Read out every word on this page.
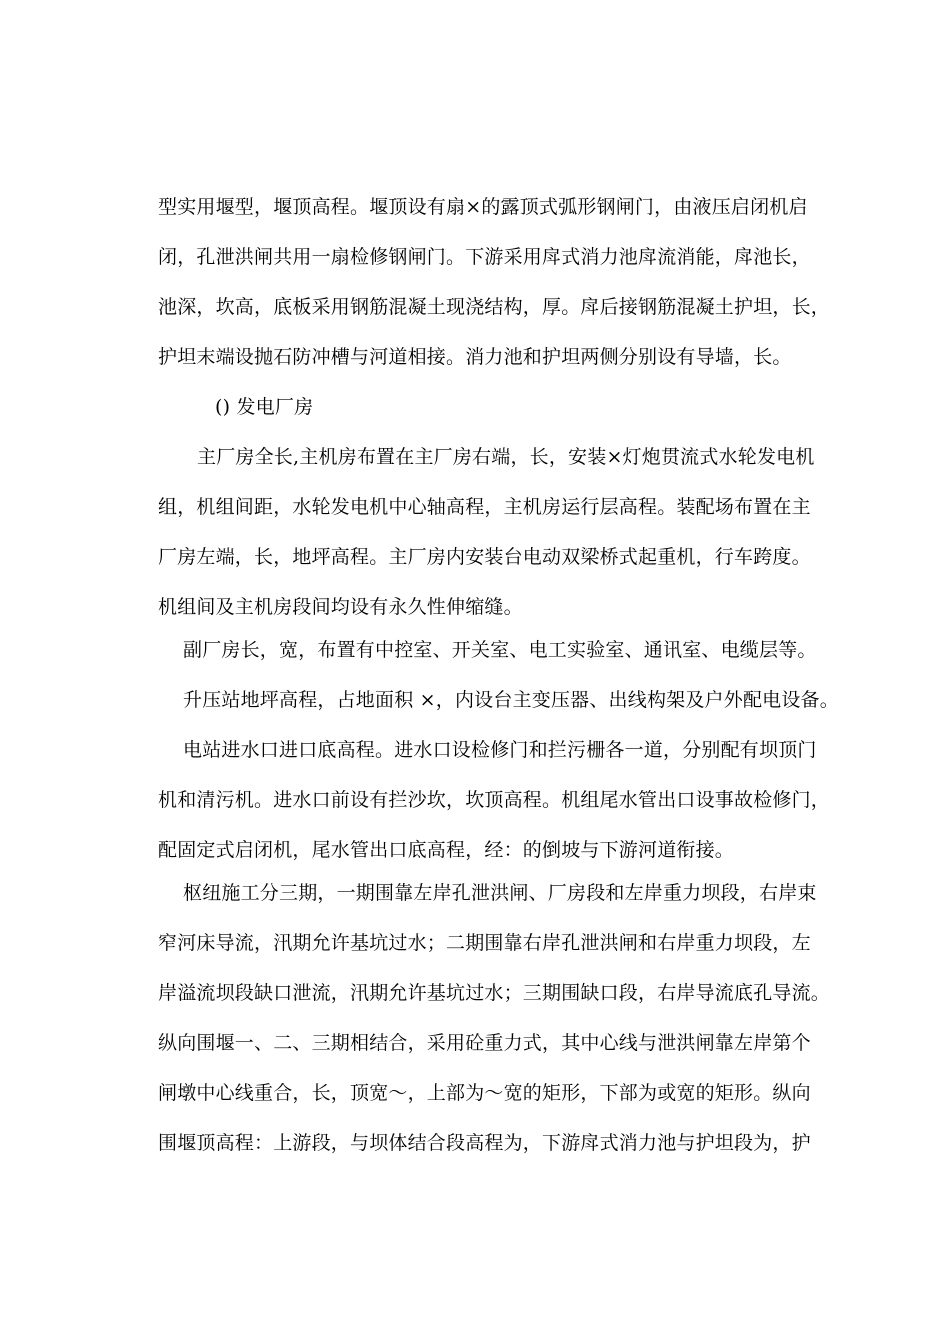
型实用堰型，堰顶高程。堰顶设有扇×的露顶式弧形钢闸门，由液压启闭机启
闭，孔泄洪闸共用一扇检修钢闸门。下游采用戽式消力池戽流消能，戽池长，
池深，坎高，底板采用钢筋混凝土现浇结构，厚。戽后接钢筋混凝土护坦，长，
护坦末端设抛石防冲槽与河道相接。消力池和护坦两侧分别设有导墙，长。
() 发电厂房
主厂房全长,主机房布置在主厂房右端，长，安装×灯炮贯流式水轮发电机
组，机组间距，水轮发电机中心轴高程，主机房运行层高程。装配场布置在主
厂房左端，长，地坪高程。主厂房内安装台电动双梁桥式起重机，行车跨度。
机组间及主机房段间均设有永久性伸缩缝。
副厂房长，宽，布置有中控室、开关室、电工实验室、通讯室、电缆层等。
升压站地坪高程，占地面积 ×，内设台主变压器、出线构架及户外配电设备。
电站进水口进口底高程。进水口设检修门和拦污栅各一道，分别配有坝顶门
机和清污机。进水口前设有拦沙坎，坎顶高程。机组尾水管出口设事故检修门，
配固定式启闭机，尾水管出口底高程，经：的倒坡与下游河道衔接。
枢纽施工分三期，一期围靠左岸孔泄洪闸、厂房段和左岸重力坝段，右岸束
窄河床导流，汛期允许基坑过水；二期围靠右岸孔泄洪闸和右岸重力坝段，左
岸溢流坝段缺口泄流，汛期允许基坑过水；三期围缺口段，右岸导流底孔导流。
纵向围堰一、二、三期相结合，采用砼重力式，其中心线与泄洪闸靠左岸第个
闸墩中心线重合，长，顶宽～，上部为～宽的矩形，下部为或宽的矩形。纵向
围堰顶高程：上游段，与坝体结合段高程为，下游戽式消力池与护坦段为，护
